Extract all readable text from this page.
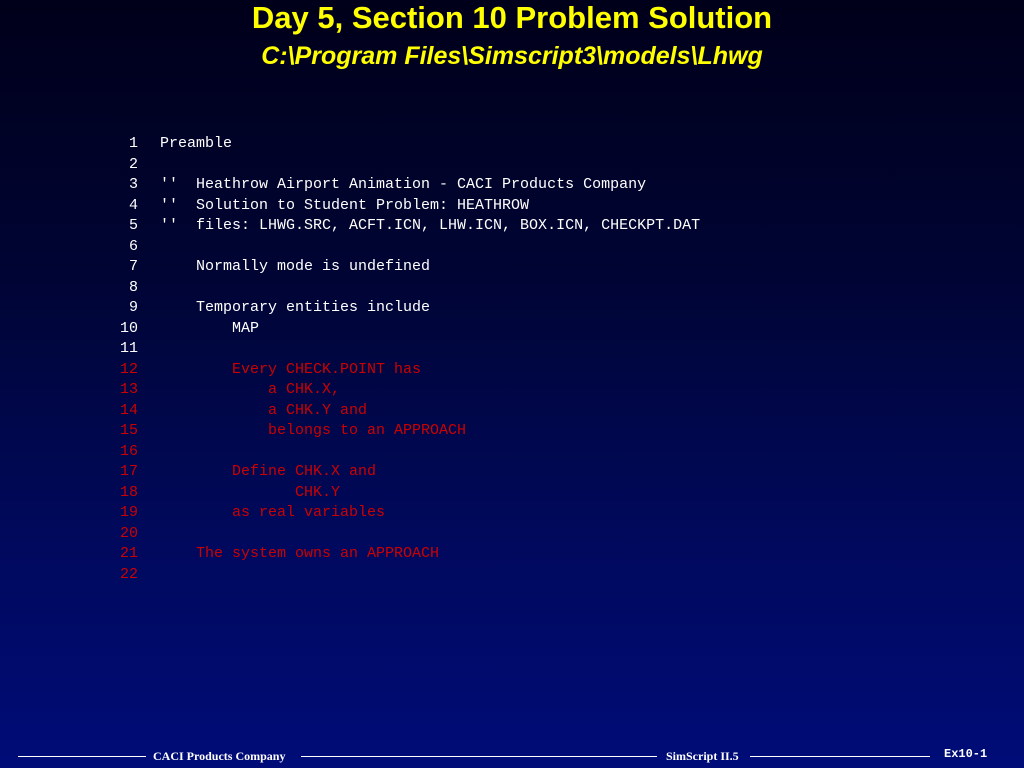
Day 5, Section 10 Problem Solution
C:\Program Files\Simscript3\models\Lhwg
1 Preamble
2
3 ''  Heathrow Airport Animation - CACI Products Company
4 ''  Solution to Student Problem: HEATHROW
5 ''  files: LHWG.SRC, ACFT.ICN, LHW.ICN, BOX.ICN, CHECKPT.DAT
6
7    Normally mode is undefined
8
9    Temporary entities include
10        MAP
11
12        Every CHECK.POINT has
13            a CHK.X,
14            a CHK.Y and
15            belongs to an APPROACH
16
17        Define CHK.X and
18               CHK.Y
19        as real variables
20
21    The system owns an APPROACH
22
CACI Products Company	SimScript II.5	Ex10-1
